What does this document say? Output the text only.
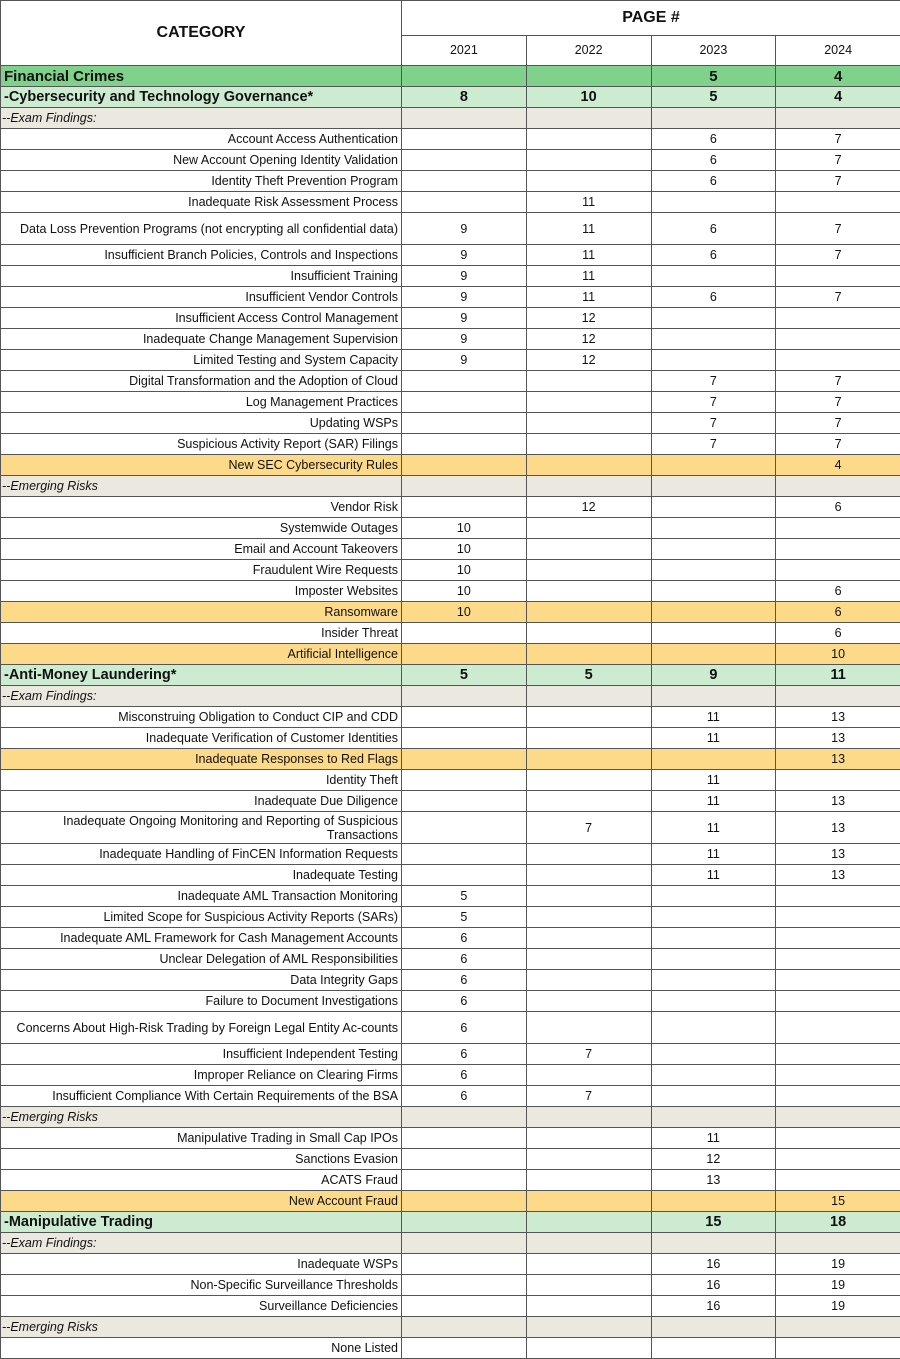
CATEGORY	PAGE #			
	2021	2022	2023	2024
Financial Crimes			5	4
-Cybersecurity and Technology Governance*	8	10	5	4
--Exam Findings:				
Account Access Authentication			6	7
New Account Opening Identity Validation			6	7
Identity Theft Prevention Program			6	7
Inadequate Risk Assessment Process		11		
Data Loss Prevention Programs (not encrypting all confidential data)	9	11	6	7
Insufficient Branch Policies, Controls and Inspections	9	11	6	7
Insufficient Training	9	11		
Insufficient Vendor Controls	9	11	6	7
Insufficient Access Control Management	9	12		
Inadequate Change Management Supervision	9	12		
Limited Testing and System Capacity	9	12		
Digital Transformation and the Adoption of Cloud			7	7
Log Management Practices			7	7
Updating WSPs			7	7
Suspicious Activity Report (SAR) Filings			7	7
New SEC Cybersecurity Rules				4
--Emerging Risks				
Vendor Risk		12		6
Systemwide Outages	10			
Email and Account Takeovers	10			
Fraudulent Wire Requests	10			
Imposter Websites	10			6
Ransomware	10			6
Insider Threat				6
Artificial Intelligence				10
-Anti-Money Laundering*	5	5	9	11
--Exam Findings:				
Misconstruing Obligation to Conduct CIP and CDD			11	13
Inadequate Verification of Customer Identities			11	13
Inadequate Responses to Red Flags				13
Identity Theft			11	
Inadequate Due Diligence			11	13
Inadequate Ongoing Monitoring and Reporting of Suspicious Transactions		7	11	13
Inadequate Handling of FinCEN Information Requests			11	13
Inadequate Testing			11	13
Inadequate AML Transaction Monitoring	5			
Limited Scope for Suspicious Activity Reports (SARs)	5			
Inadequate AML Framework for Cash Management Accounts	6			
Unclear Delegation of AML Responsibilities	6			
Data Integrity Gaps	6			
Failure to Document Investigations	6			
Concerns About High-Risk Trading by Foreign Legal Entity Ac-counts	6			
Insufficient Independent Testing	6	7		
Improper Reliance on Clearing Firms	6			
Insufficient Compliance With Certain Requirements of the BSA	6	7		
--Emerging Risks				
Manipulative Trading in Small Cap IPOs			11	
Sanctions Evasion			12	
ACATS Fraud			13	
New Account Fraud				15
-Manipulative Trading			15	18
--Exam Findings:				
Inadequate WSPs			16	19
Non-Specific Surveillance Thresholds			16	19
Surveillance Deficiencies			16	19
--Emerging Risks				
None Listed				
